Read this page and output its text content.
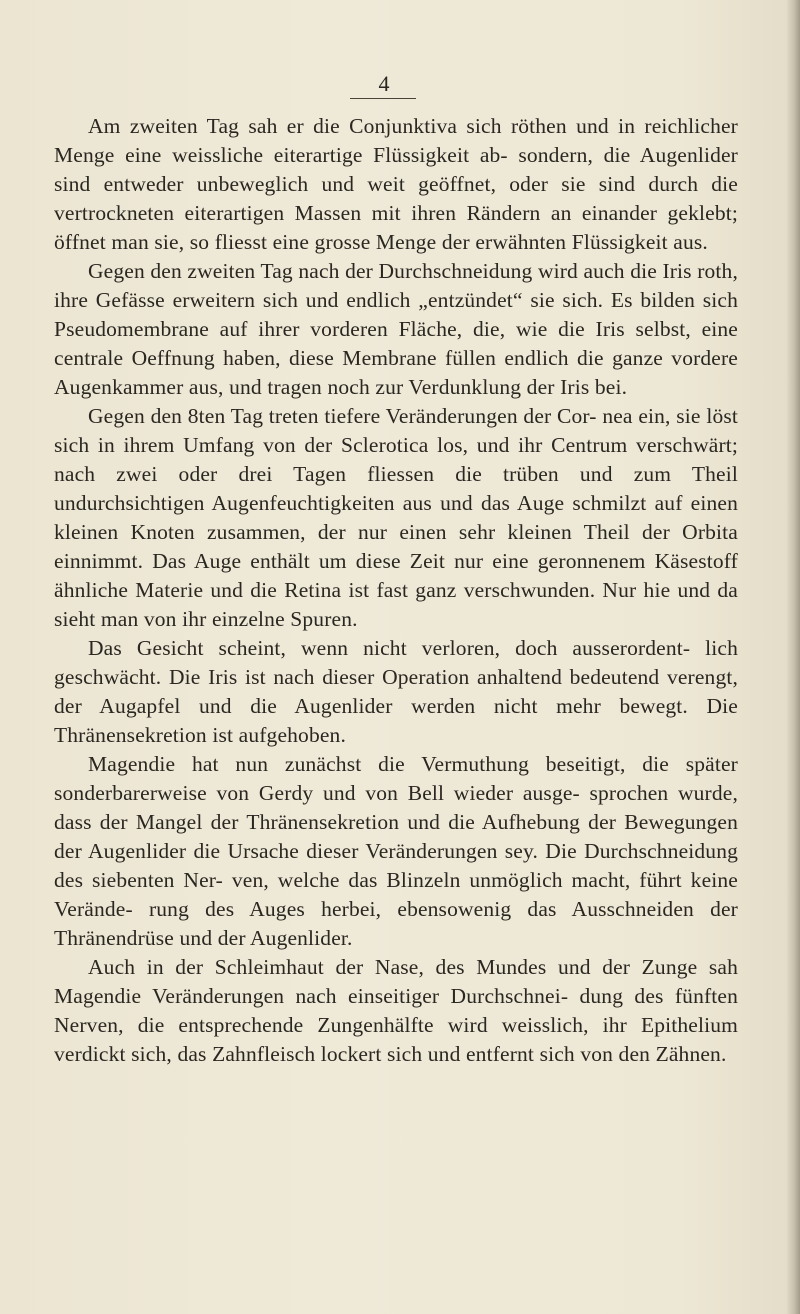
4

Am zweiten Tag sah er die Conjunktiva sich röthen und in reichlicher Menge eine weissliche eiterartige Flüssigkeit ab- sondern, die Augenlider sind entweder unbeweglich und weit geöffnet, oder sie sind durch die vertrockneten eiterartigen Massen mit ihren Rändern an einander geklebt; öffnet man sie, so fliesst eine grosse Menge der erwähnten Flüssigkeit aus.

Gegen den zweiten Tag nach der Durchschneidung wird auch die Iris roth, ihre Gefässe erweitern sich und endlich „entzündet“ sie sich. Es bilden sich Pseudomembrane auf ihrer vorderen Fläche, die, wie die Iris selbst, eine centrale Oeffnung haben, diese Membrane füllen endlich die ganze vordere Augenkammer aus, und tragen noch zur Verdunklung der Iris bei.

Gegen den 8ten Tag treten tiefere Veränderungen der Cor- nea ein, sie löst sich in ihrem Umfang von der Sclerotica los, und ihr Centrum verschwärt; nach zwei oder drei Tagen fliessen die trüben und zum Theil undurchsichtigen Augenfeuchtigkeiten aus und das Auge schmilzt auf einen kleinen Knoten zusammen, der nur einen sehr kleinen Theil der Orbita einnimmt. Das Auge enthält um diese Zeit nur eine geronnenem Käsestoff ähnliche Materie und die Retina ist fast ganz verschwunden. Nur hie und da sieht man von ihr einzelne Spuren.

Das Gesicht scheint, wenn nicht verloren, doch ausserordent- lich geschwächt. Die Iris ist nach dieser Operation anhaltend bedeutend verengt, der Augapfel und die Augenlider werden nicht mehr bewegt. Die Thränensekretion ist aufgehoben.

Magendie hat nun zunächst die Vermuthung beseitigt, die später sonderbarerweise von Gerdy und von Bell wieder ausge- sprochen wurde, dass der Mangel der Thränensekretion und die Aufhebung der Bewegungen der Augenlider die Ursache dieser Veränderungen sey. Die Durchschneidung des siebenten Ner- ven, welche das Blinzeln unmöglich macht, führt keine Verände- rung des Auges herbei, ebensowenig das Ausschneiden der Thränendrüse und der Augenlider.

Auch in der Schleimhaut der Nase, des Mundes und der Zunge sah Magendie Veränderungen nach einseitiger Durchschnei- dung des fünften Nerven, die entsprechende Zungenhälfte wird weisslich, ihr Epithelium verdickt sich, das Zahnfleisch lockert sich und entfernt sich von den Zähnen.
